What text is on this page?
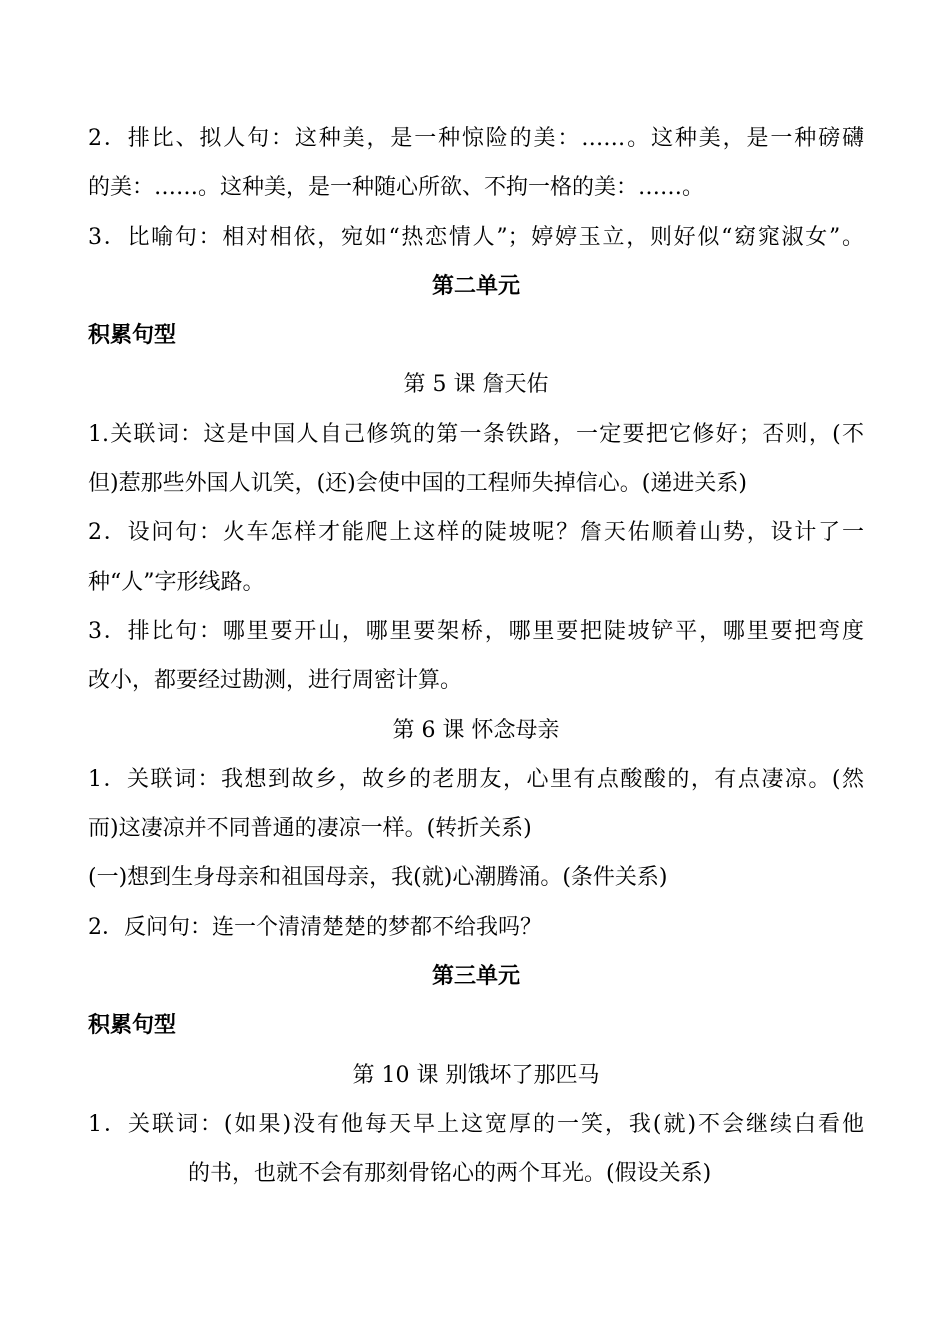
2．排比、拟人句：这种美，是一种惊险的美：……。这种美，是一种磅礴
的美：……。这种美，是一种随心所欲、不拘一格的美：……。
3．比喻句：相对相依，宛如“热恋情人”；婷婷玉立，则好似“窈窕淑女”。
第二单元
积累句型
第 5 课 詹天佑
1.关联词：这是中国人自己修筑的第一条铁路，一定要把它修好；否则，(不
但)惹那些外国人讥笑，(还)会使中国的工程师失掉信心。(递进关系)
2．设问句：火车怎样才能爬上这样的陡坡呢？詹天佑顺着山势，设计了一
种“人”字形线路。
3．排比句：哪里要开山，哪里要架桥，哪里要把陡坡铲平，哪里要把弯度
改小，都要经过勘测，进行周密计算。
第 6 课 怀念母亲
1．关联词：我想到故乡，故乡的老朋友，心里有点酸酸的，有点凄凉。(然
而)这凄凉并不同普通的凄凉一样。(转折关系)
(一)想到生身母亲和祖国母亲，我(就)心潮腾涌。(条件关系)
2．反问句：连一个清清楚楚的梦都不给我吗？
第三单元
积累句型
第 10 课 别饿坏了那匹马
1．关联词：(如果)没有他每天早上这宽厚的一笑，我(就)不会继续白看他
的书，也就不会有那刻骨铭心的两个耳光。(假设关系)
